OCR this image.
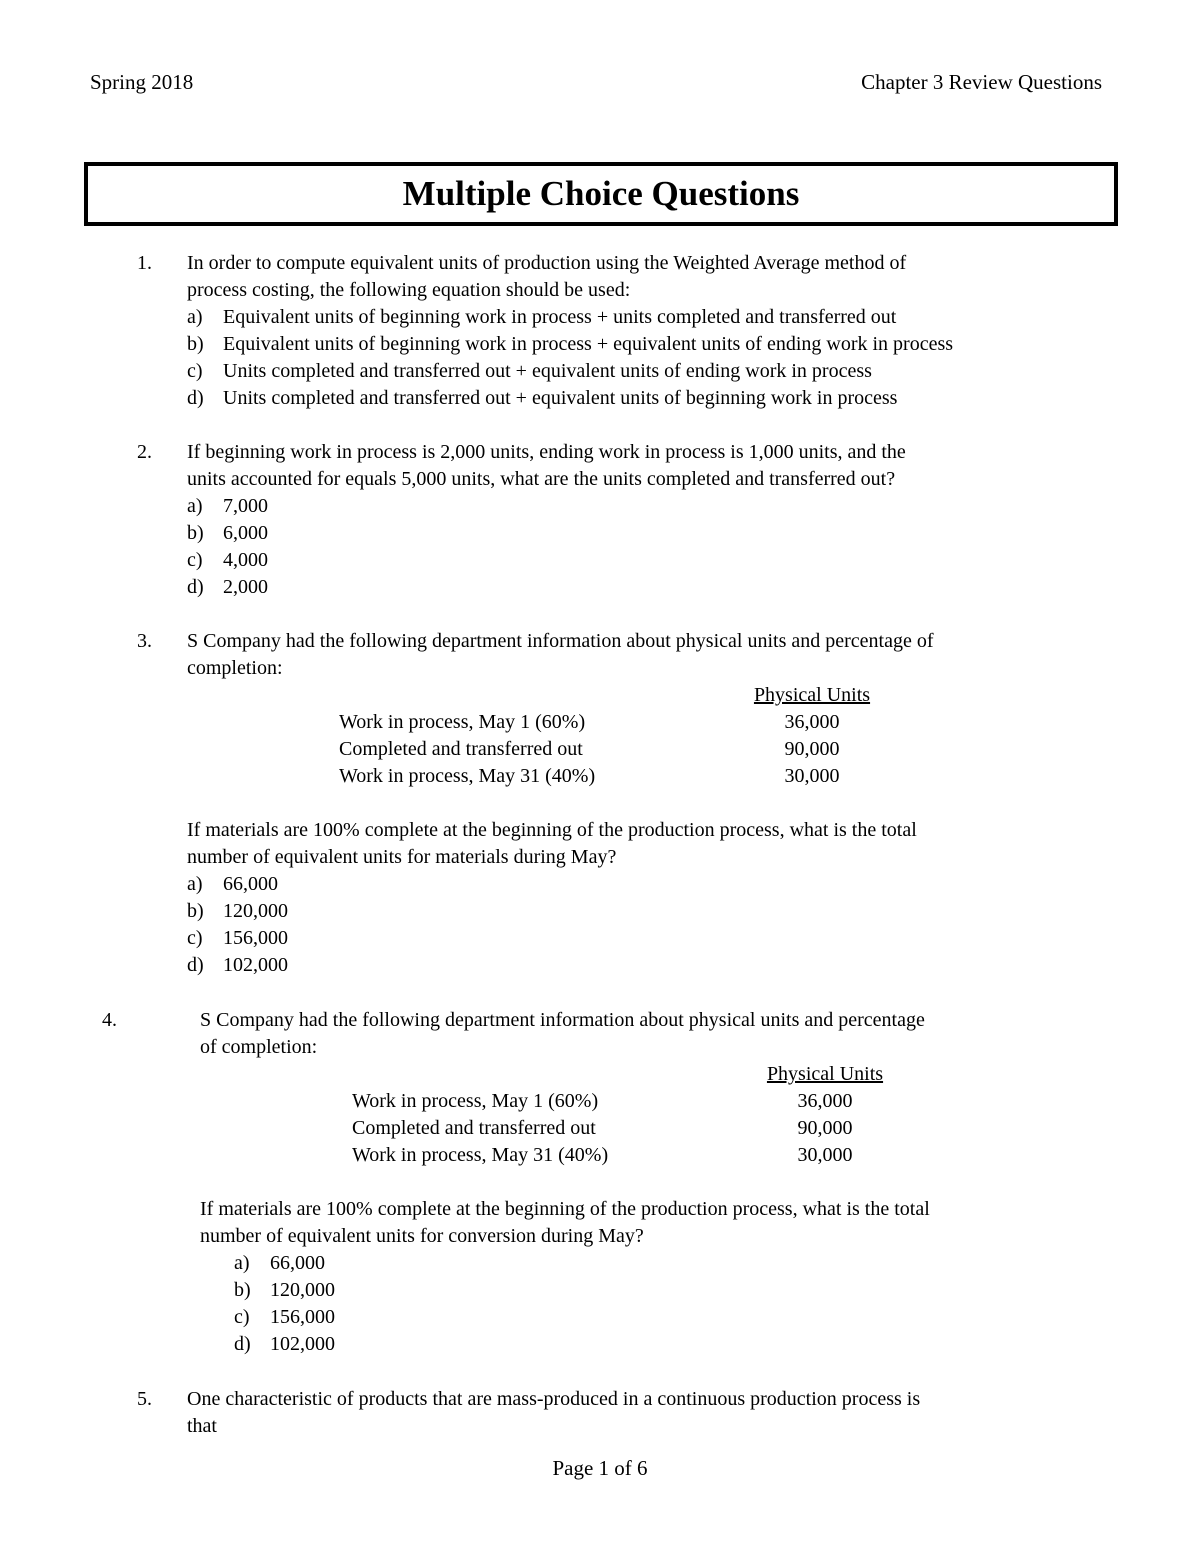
Spring 2018	Chapter 3 Review Questions
Multiple Choice Questions
1. In order to compute equivalent units of production using the Weighted Average method of
process costing, the following equation should be used:
a)	Equivalent units of beginning work in process + units completed and transferred out
b) Equivalent units of beginning work in process + equivalent units of ending work in process
c)	Units completed and transferred out + equivalent units of ending work in process
d) Units completed and transferred out + equivalent units of beginning work in process
2. If beginning work in process is 2,000 units, ending work in process is 1,000 units, and the
units accounted for equals 5,000 units, what are the units completed and transferred out?
a)	7,000
b) 6,000
c)	4,000
d) 2,000
3. S Company had the following department information about physical units and percentage of
completion:
Physical Units
Work in process, May 1 (60%)	36,000
Completed and transferred out	90,000
Work in process, May 31 (40%)	30,000
If materials are 100% complete at the beginning of the production process, what is the total
number of equivalent units for materials during May?
a)	66,000
b) 120,000
c)	156,000
d) 102,000
4.	S Company had the following department information about physical units and percentage
of completion:
Physical Units
Work in process, May 1 (60%)	36,000
Completed and transferred out	90,000
Work in process, May 31 (40%)	30,000
If materials are 100% complete at the beginning of the production process, what is the total
number of equivalent units for conversion during May?
a)	66,000
b) 120,000
c)	156,000
d) 102,000
5. One characteristic of products that are mass-produced in a continuous production process is
that
Page 1 of 6
